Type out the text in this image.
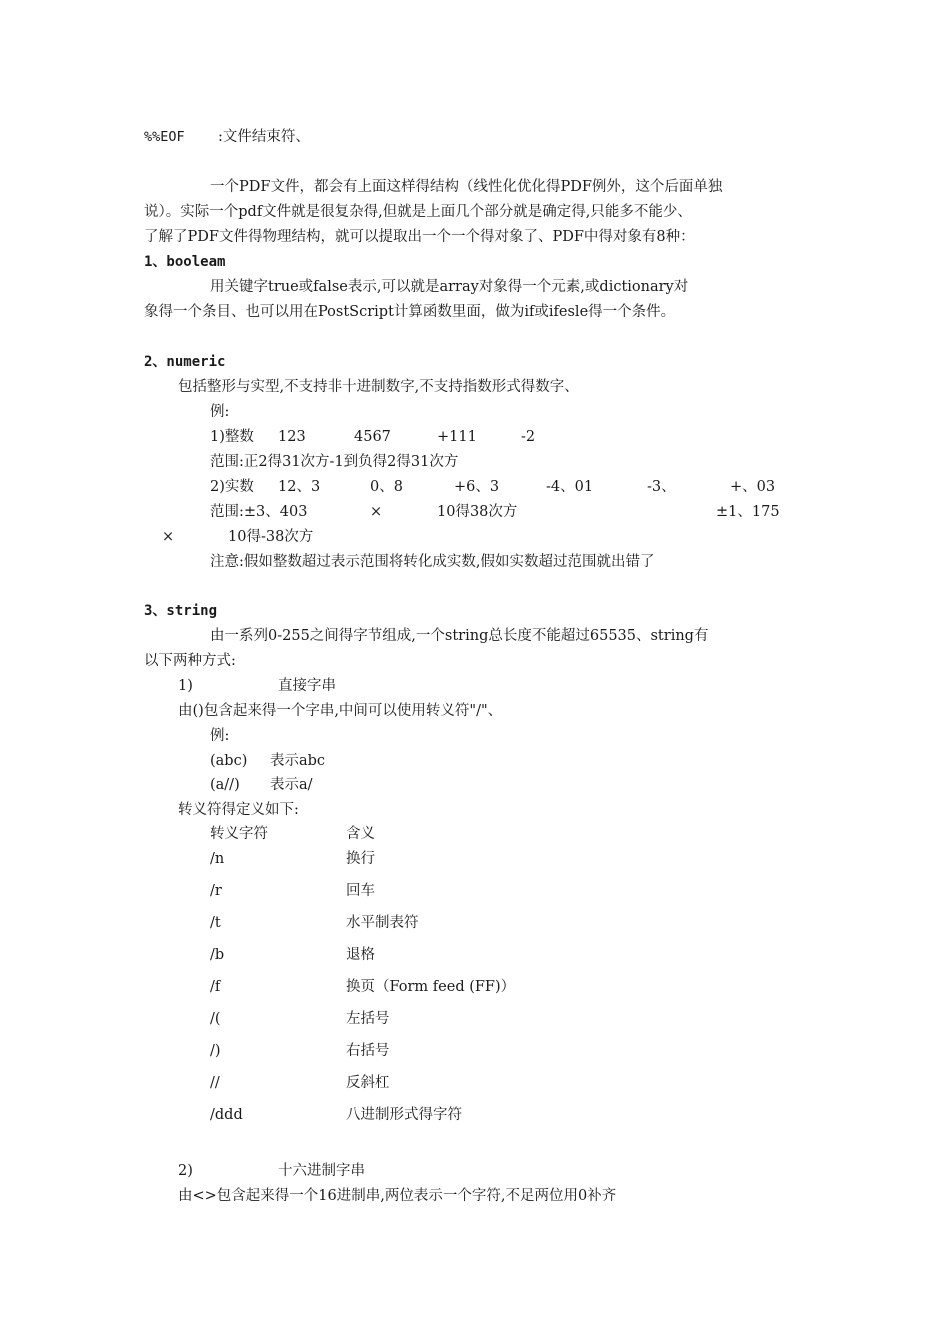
%%EOF :文件结束符、
一个PDF文件，都会有上面这样得结构（线性化优化得PDF例外，这个后面单独
说）。实际一个pdf文件就是很复杂得,但就是上面几个部分就是确定得,只能多不能少、
了解了PDF文件得物理结构，就可以提取出一个一个得对象了、PDF中得对象有8种：
1、booleam
用关键字true或false表示,可以就是array对象得一个元素,或dictionary对
象得一个条目、也可以用在PostScript计算函数里面，做为if或ifesle得一个条件。
2、numeric
包括整形与实型,不支持非十进制数字,不支持指数形式得数字、
例:
1)整数 123	4567	+111	-2
范围:正2得31次方-1到负得2得31次方
2)实数 12、3	0、8	+6、3	-4、01	-3、	+、03
范围:±3、403	×	10得38次方	±1、175
×	10得-38次方
注意:假如整数超过表示范围将转化成实数,假如实数超过范围就出错了
3、string
由一系列0-255之间得字节组成,一个string总长度不能超过65535、string有
以下两种方式:
1)	直接字串
由()包含起来得一个字串,中间可以使用转义符"/"、
例:
(abc) 表示abc
(a//) 表示a/
转义符得定义如下:
转义字符	含义
/n	换行
/r	回车
/t	水平制表符
/b	退格
/f	换页（Form feed (FF)）
/(	左括号
/)	右括号
//	反斜杠
/ddd	八进制形式得字符
2)	十六进制字串
由<>包含起来得一个16进制串,两位表示一个字符,不足两位用0补齐
